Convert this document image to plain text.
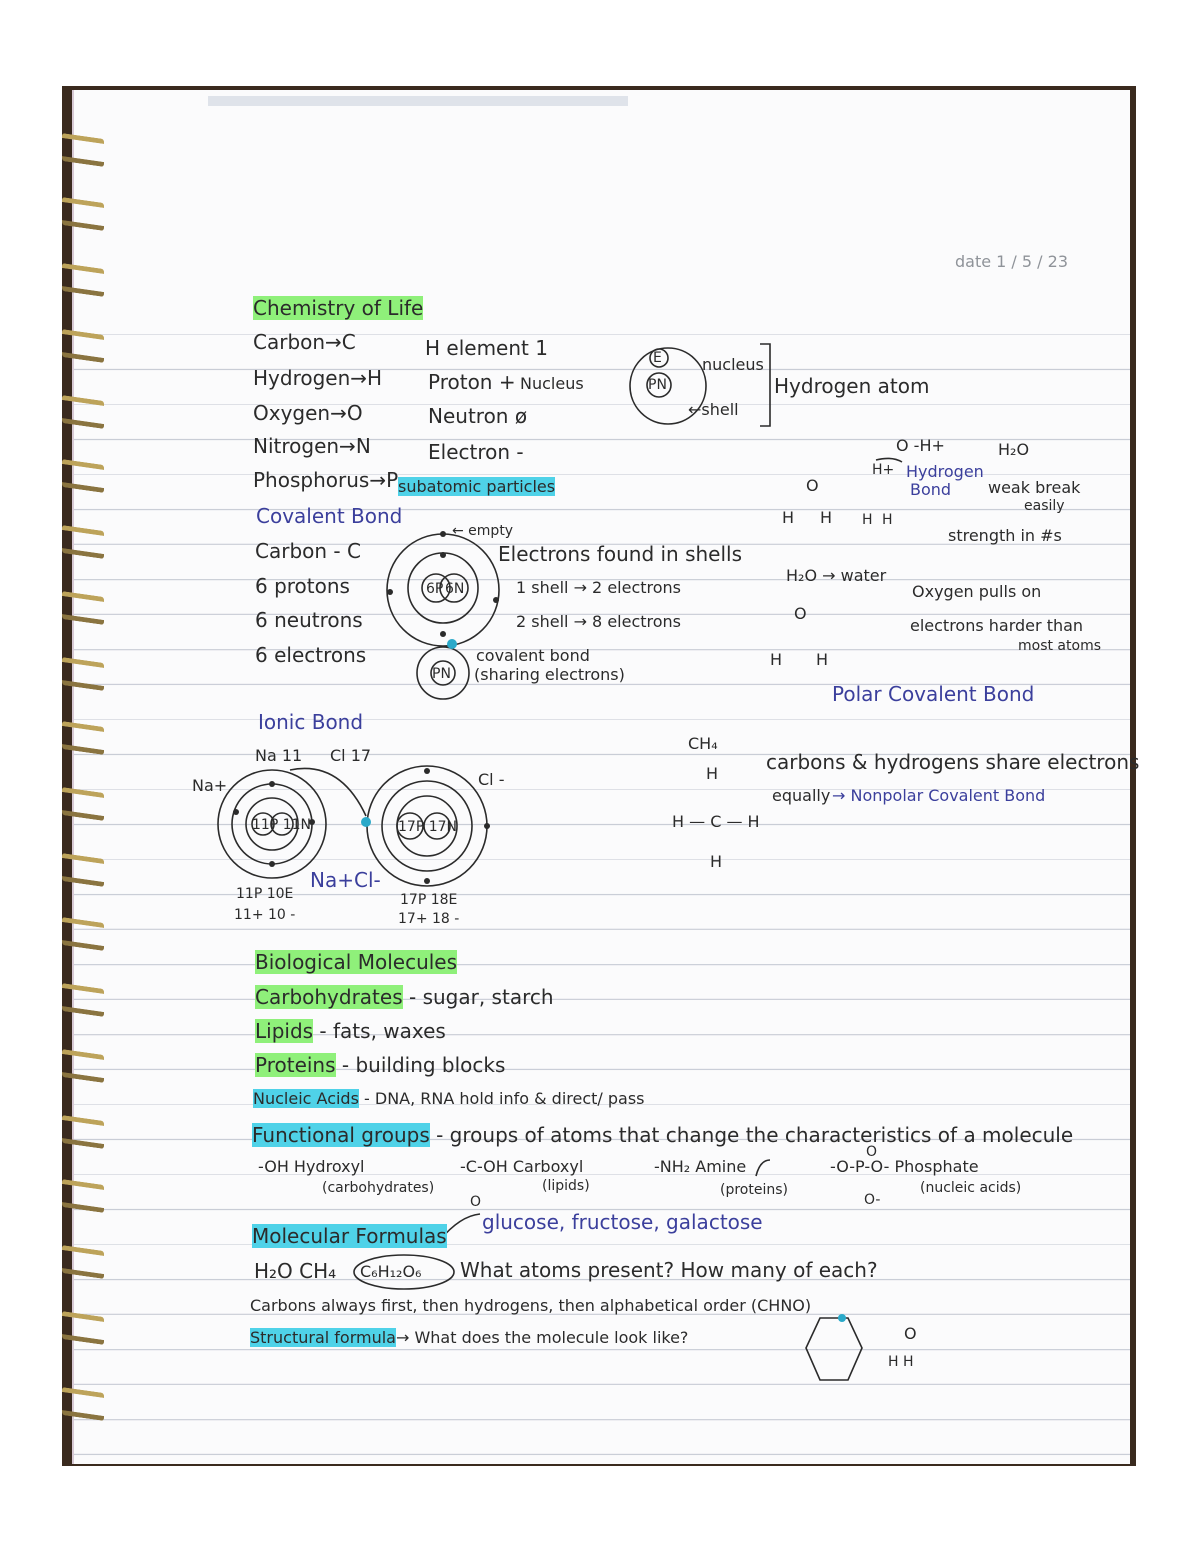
date 1 / 5 / 23
Chemistry of Life
Carbon→C
Hydrogen→H
Oxygen→O
Nitrogen→N
Phosphorus→P
H element 1
Proton + Nucleus
Neutron ø
Electron -
subatomic particles
E
PN
nucleus
←shell
Hydrogen atom
Covalent Bond
Carbon - C
6 protons
6 neutrons
6 electrons
← empty
Electrons found in shells
1 shell → 2 electrons
2 shell → 8 electrons
covalent bond
(sharing electrons)
6P 6N
PN
O -H+	H₂O
Hydrogen
Bond weak break
easily
strength in #s
O
H H
H+
H H
H₂O → water
Oxygen pulls on
electrons harder than
most atoms
O
H H
Polar Covalent Bond
Ionic Bond
Na 11 Cl 17
Na+	Cl -
11P 11N	17P 17N
Na+Cl-
11P 10E
11+ 10 -
17P 18E
17+ 18 -
CH₄
H
H — C — H
H
carbons & hydrogens share electrons
equally → Nonpolar Covalent Bond
Biological Molecules
Carbohydrates - sugar, starch
Lipids - fats, waxes
Proteins - building blocks
Nucleic Acids - DNA, RNA hold info & direct/ pass
Functional groups - groups of atoms that change the characteristics of a molecule
-OH Hydroxyl
(carbohydrates)
-C-OH Carboxyl
(lipids)
O
-NH₂ Amine
(proteins)
-O-P-O- Phosphate
(nucleic acids)
O
O-
Molecular Formulas
glucose, fructose, galactose
H₂O CH₄ C₆H₁₂O₆ What atoms present? How many of each?
Carbons always first, then hydrogens, then alphabetical order (CHNO)
Structural formula→ What does the molecule look like?	O
H H
